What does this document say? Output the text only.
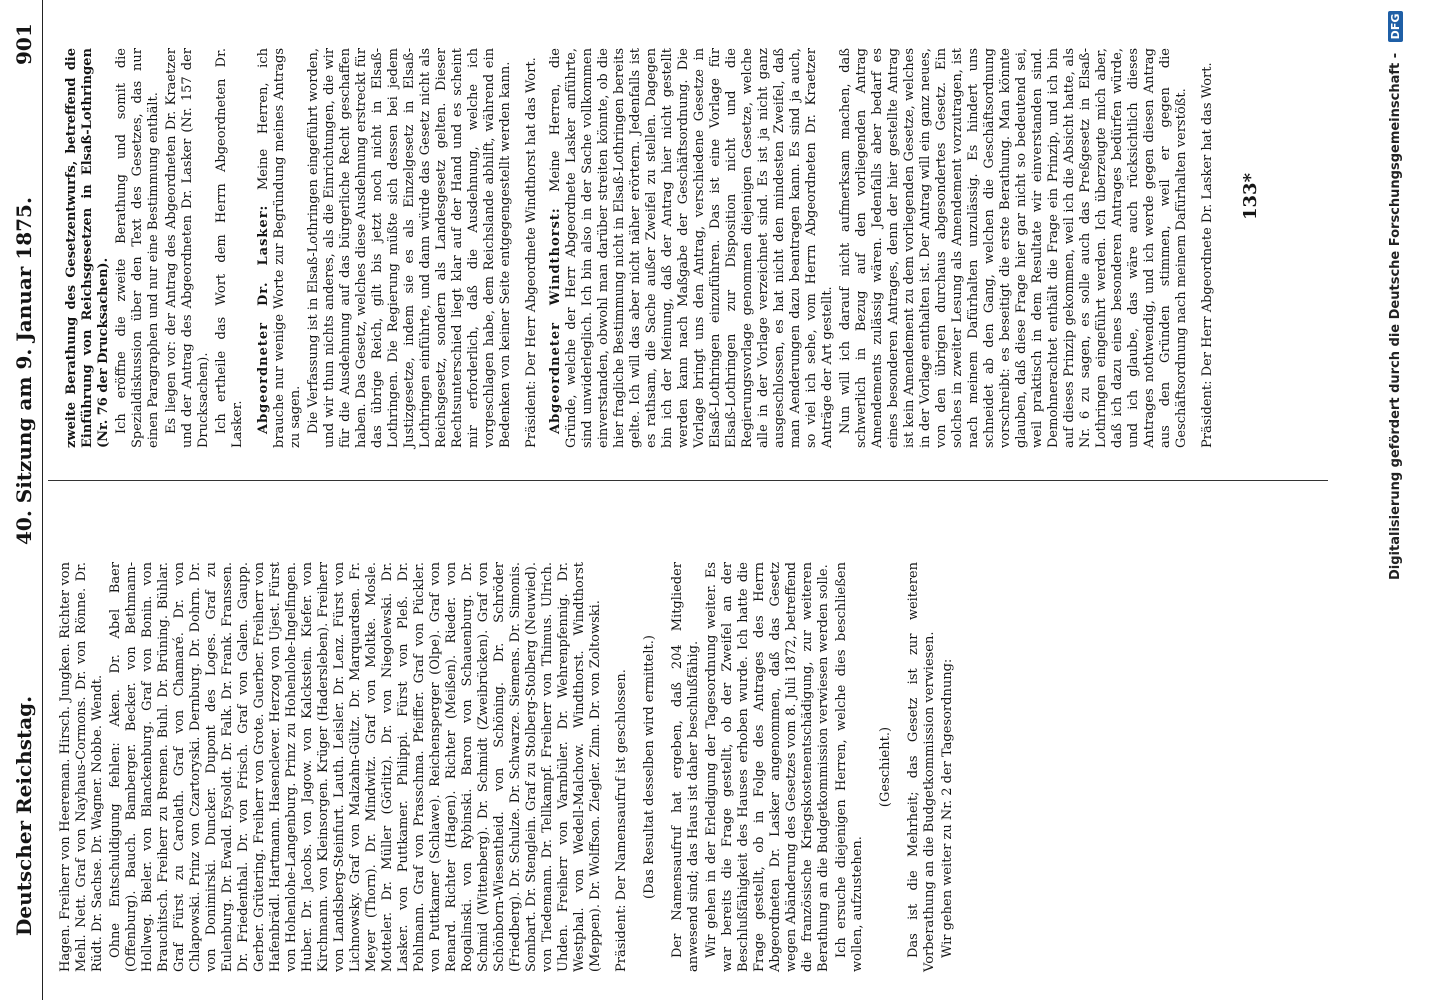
Deutscher Reichstag.
40. Sitzung am 9. Januar 1875.
901

Hagen. Freiherr von Heereman. Hirsch. Jungken. Richter von Mehl. Nett. Graf von Nayhaus-Cormons. Dr. von Rönne. Dr. Rüdt. Dr. Sachse. Dr. Wagner. Nobbe. Wendt. Ohne Entschuldigung fehlen: Aken. Dr. Abel Baer (Offenburg). Bauch. Bamberger. Becker. von Bethmann-Hollweg. Bieler. von Blanckenburg. Graf von Bonin. von Brauchitsch. Freiherr zu Bremen. Buhl. Dr. Brüning. Bühlar. Graf Fürst zu Carolath. Graf von Chamaré. Dr. von Chlapowski. Prinz von Czartoryski. Dernburg. Dr. Dohrn. Dr. von Donimirski. Duncker. Dupont des Loges. Graf zu Eulenburg. Dr. Ewald. Eysoldt. Dr. Falk. Dr. Frank. Franssen. Dr. Friedenthal. Dr. von Frisch. Graf von Galen. Gaupp. Gerber. Grütering. Freiherr von Grote. Guerber. Freiherr von Hafenbrädl. Hartmann. Hasenclever. Herzog von Ujest. Fürst von Hohenlohe-Langenburg. Prinz zu Hohenlohe-Ingelfingen. Huber. Dr. Jacobs. von Jagow. von Kalckstein. Kiefer. von Kirchmann. von Kleinsorgen. Krüger (Hadersleben). Freiherr von Landsberg-Steinfurt. Lauth. Leisler. Dr. Lenz. Fürst von Lichnowsky. Graf von Malzahn-Gültz. Dr. Marquardsen. Fr. Meyer (Thorn). Dr. Mindwitz. Graf von Moltke. Mosle. Motteler. Dr. Müller (Görlitz). Dr. von Niegolewski. Dr. Lasker. von Puttkamer. Philippi. Fürst von Pleß. Dr. Pohlmann. Graf von Prasschma. Pfeiffer. Graf von Pückler. von Puttkamer (Schlawe). Reichensperger (Olpe). Graf von Renard. Richter (Hagen). Richter (Meißen). Rieder. von Rogalinski. von Rybinski. Baron von Schauenburg. Dr. Schmid (Wittenberg). Dr. Schmidt (Zweibrücken). Graf von Schönborn-Wiesentheid. von Schöning. Dr. Schröder (Friedberg). Dr. Schulze. Dr. Schwarze. Siemens. Dr. Simonis. Sombart. Dr. Stenglein. Graf zu Stolberg-Stolberg (Neuwied). von Tiedemann. Dr. Tellkampf. Freiherr von Thimus. Ulrich. Uhden. Freiherr von Varnbüler. Dr. Wehrenpfennig. Dr. Westphal. von Wedell-Malchow. Windthorst. Windthorst (Meppen). Dr. Wolffson. Ziegler. Zinn. Dr. von Zoltowski. Präsident: Der Namensaufruf ist geschlossen. (Das Resultat desselben wird ermittelt.) Der Namensaufruf hat ergeben, daß 204 Mitglieder anwesend sind; das Haus ist daher beschlußfähig. Wir gehen in der Erledigung der Tagesordnung weiter. Es war bereits die Frage gestellt, ob der Zweifel an der Beschlußfähigkeit des Hauses erhoben wurde. Ich hatte die Frage gestellt, ob in Folge des Antrages des Herrn Abgeordneten Dr. Lasker angenommen, daß das Gesetz wegen Abänderung des Gesetzes vom 8. Juli 1872, betreffend die französische Kriegskostenentschädigung, zur weiteren Berathung an die Budgetkommission verwiesen werden solle. Ich ersuche diejenigen Herren, welche dies beschließen wollen, aufzustehen.

(Geschieht.) Das ist die Mehrheit; das Gesetz ist zur weiteren Vorberathung an die Budgetkommission verwiesen. Wir gehen weiter zu Nr. 2 der Tagesordnung:

zweite Berathung des Gesetzentwurfs, betreffend die Einführung von Reichsgesetzen in Elsaß-Lothringen (Nr. 76 der Drucksachen). Ich eröffne die zweite Berathung und somit die Spezialdiskussion über den Text des Gesetzes, das nur einen Paragraphen und nur eine Bestimmung enthält. Es liegen vor: der Antrag des Abgeordneten Dr. Kraetzer und der Antrag des Abgeordneten Dr. Lasker (Nr. 157 der Drucksachen). Ich ertheile das Wort dem Herrn Abgeordneten Dr. Lasker. Abgeordneter Dr. Lasker: Meine Herren, ich brauche nur wenige Worte zur Begründung meines Antrags zu sagen. Die Verfassung ist in Elsaß-Lothringen eingeführt worden, und wir thun nichts anderes, als die Einrichtungen, die wir für die Ausdehnung auf das bürgerliche Recht geschaffen haben. Das Gesetz, welches diese Ausdehnung erstreckt für das übrige Reich, gilt bis jetzt noch nicht in Elsaß-Lothringen. Die Regierung müßte sich dessen bei jedem Justizgesetze, indem sie es als Einzelgesetz in Elsaß-Lothringen einführte, und dann würde das Gesetz nicht als Reichsgesetz, sondern als Landesgesetz gelten. Dieser Rechtsunterschied liegt klar auf der Hand und es scheint mir erforderlich, daß die Ausdehnung, welche ich vorgeschlagen habe, dem Reichslande abhilft, während ein Bedenken von keiner Seite entgegengestellt werden kann. Präsident: Der Herr Abgeordnete Windthorst hat das Wort. Abgeordneter Windthorst: Meine Herren, die Gründe, welche der Herr Abgeordnete Lasker anführte, sind unwiderleglich. Ich bin also in der Sache vollkommen einverstanden, obwohl man darüber streiten könnte, ob die hier fragliche Bestimmung nicht in Elsaß-Lothringen bereits gelte. Ich will das aber nicht näher erörtern. Jedenfalls ist es rathsam, die Sache außer Zweifel zu stellen. Dagegen bin ich der Meinung, daß der Antrag hier nicht gestellt werden kann nach Maßgabe der Geschäftsordnung. Die Vorlage bringt uns den Antrag, verschiedene Gesetze in Elsaß-Lothringen einzuführen. Das ist eine Vorlage für Elsaß-Lothringen zur Disposition nicht und die Regierungsvorlage genommen diejenigen Gesetze, welche alle in der Vorlage verzeichnet sind. Es ist ja nicht ganz ausgeschlossen, es hat nicht den mindesten Zweifel, daß man Aenderungen dazu beantragen kann. Es sind ja auch, so viel ich sehe, vom Herrn Abgeordneten Dr. Kraetzer Anträge der Art gestellt. Nun will ich darauf nicht aufmerksam machen, daß schwerlich in Bezug auf den vorliegenden Antrag Amendements zulässig wären. Jedenfalls aber bedarf es eines besonderen Antrages, denn der hier gestellte Antrag ist kein Amendement zu dem vorliegenden Gesetze, welches in der Vorlage enthalten ist. Der Antrag will ein ganz neues, von den übrigen durchaus abgesondertes Gesetz. Ein solches in zweiter Lesung als Amendement vorzutragen, ist nach meinem Dafürhalten unzulässig. Es hindert uns schneidet ab den Gang, welchen die Geschäftsordnung vorschreibt: es beseitigt die erste Berathung. Man könnte glauben, daß diese Frage hier gar nicht so bedeutend sei, weil praktisch in dem Resultate wir einverstanden sind. Demohnerachtet enthält die Frage ein Prinzip, und ich bin auf dieses Prinzip gekommen, weil ich die Absicht hatte, als Nr. 6 zu sagen, es solle auch das Preßgesetz in Elsaß-Lothringen eingeführt werden. Ich überzeugte mich aber, daß ich dazu eines besonderen Antrages bedürfen würde, und ich glaube, das wäre auch rücksichtlich dieses Antrages nothwendig, und ich werde gegen diesen Antrag aus den Gründen stimmen, weil er gegen die Geschäftsordnung nach meinem Dafürhalten verstößt. Präsident: Der Herr Abgeordnete Dr. Lasker hat das Wort. 133*	Digitalisierung gefördert durch die Deutsche Forschungsgemeinschaft - DFG
